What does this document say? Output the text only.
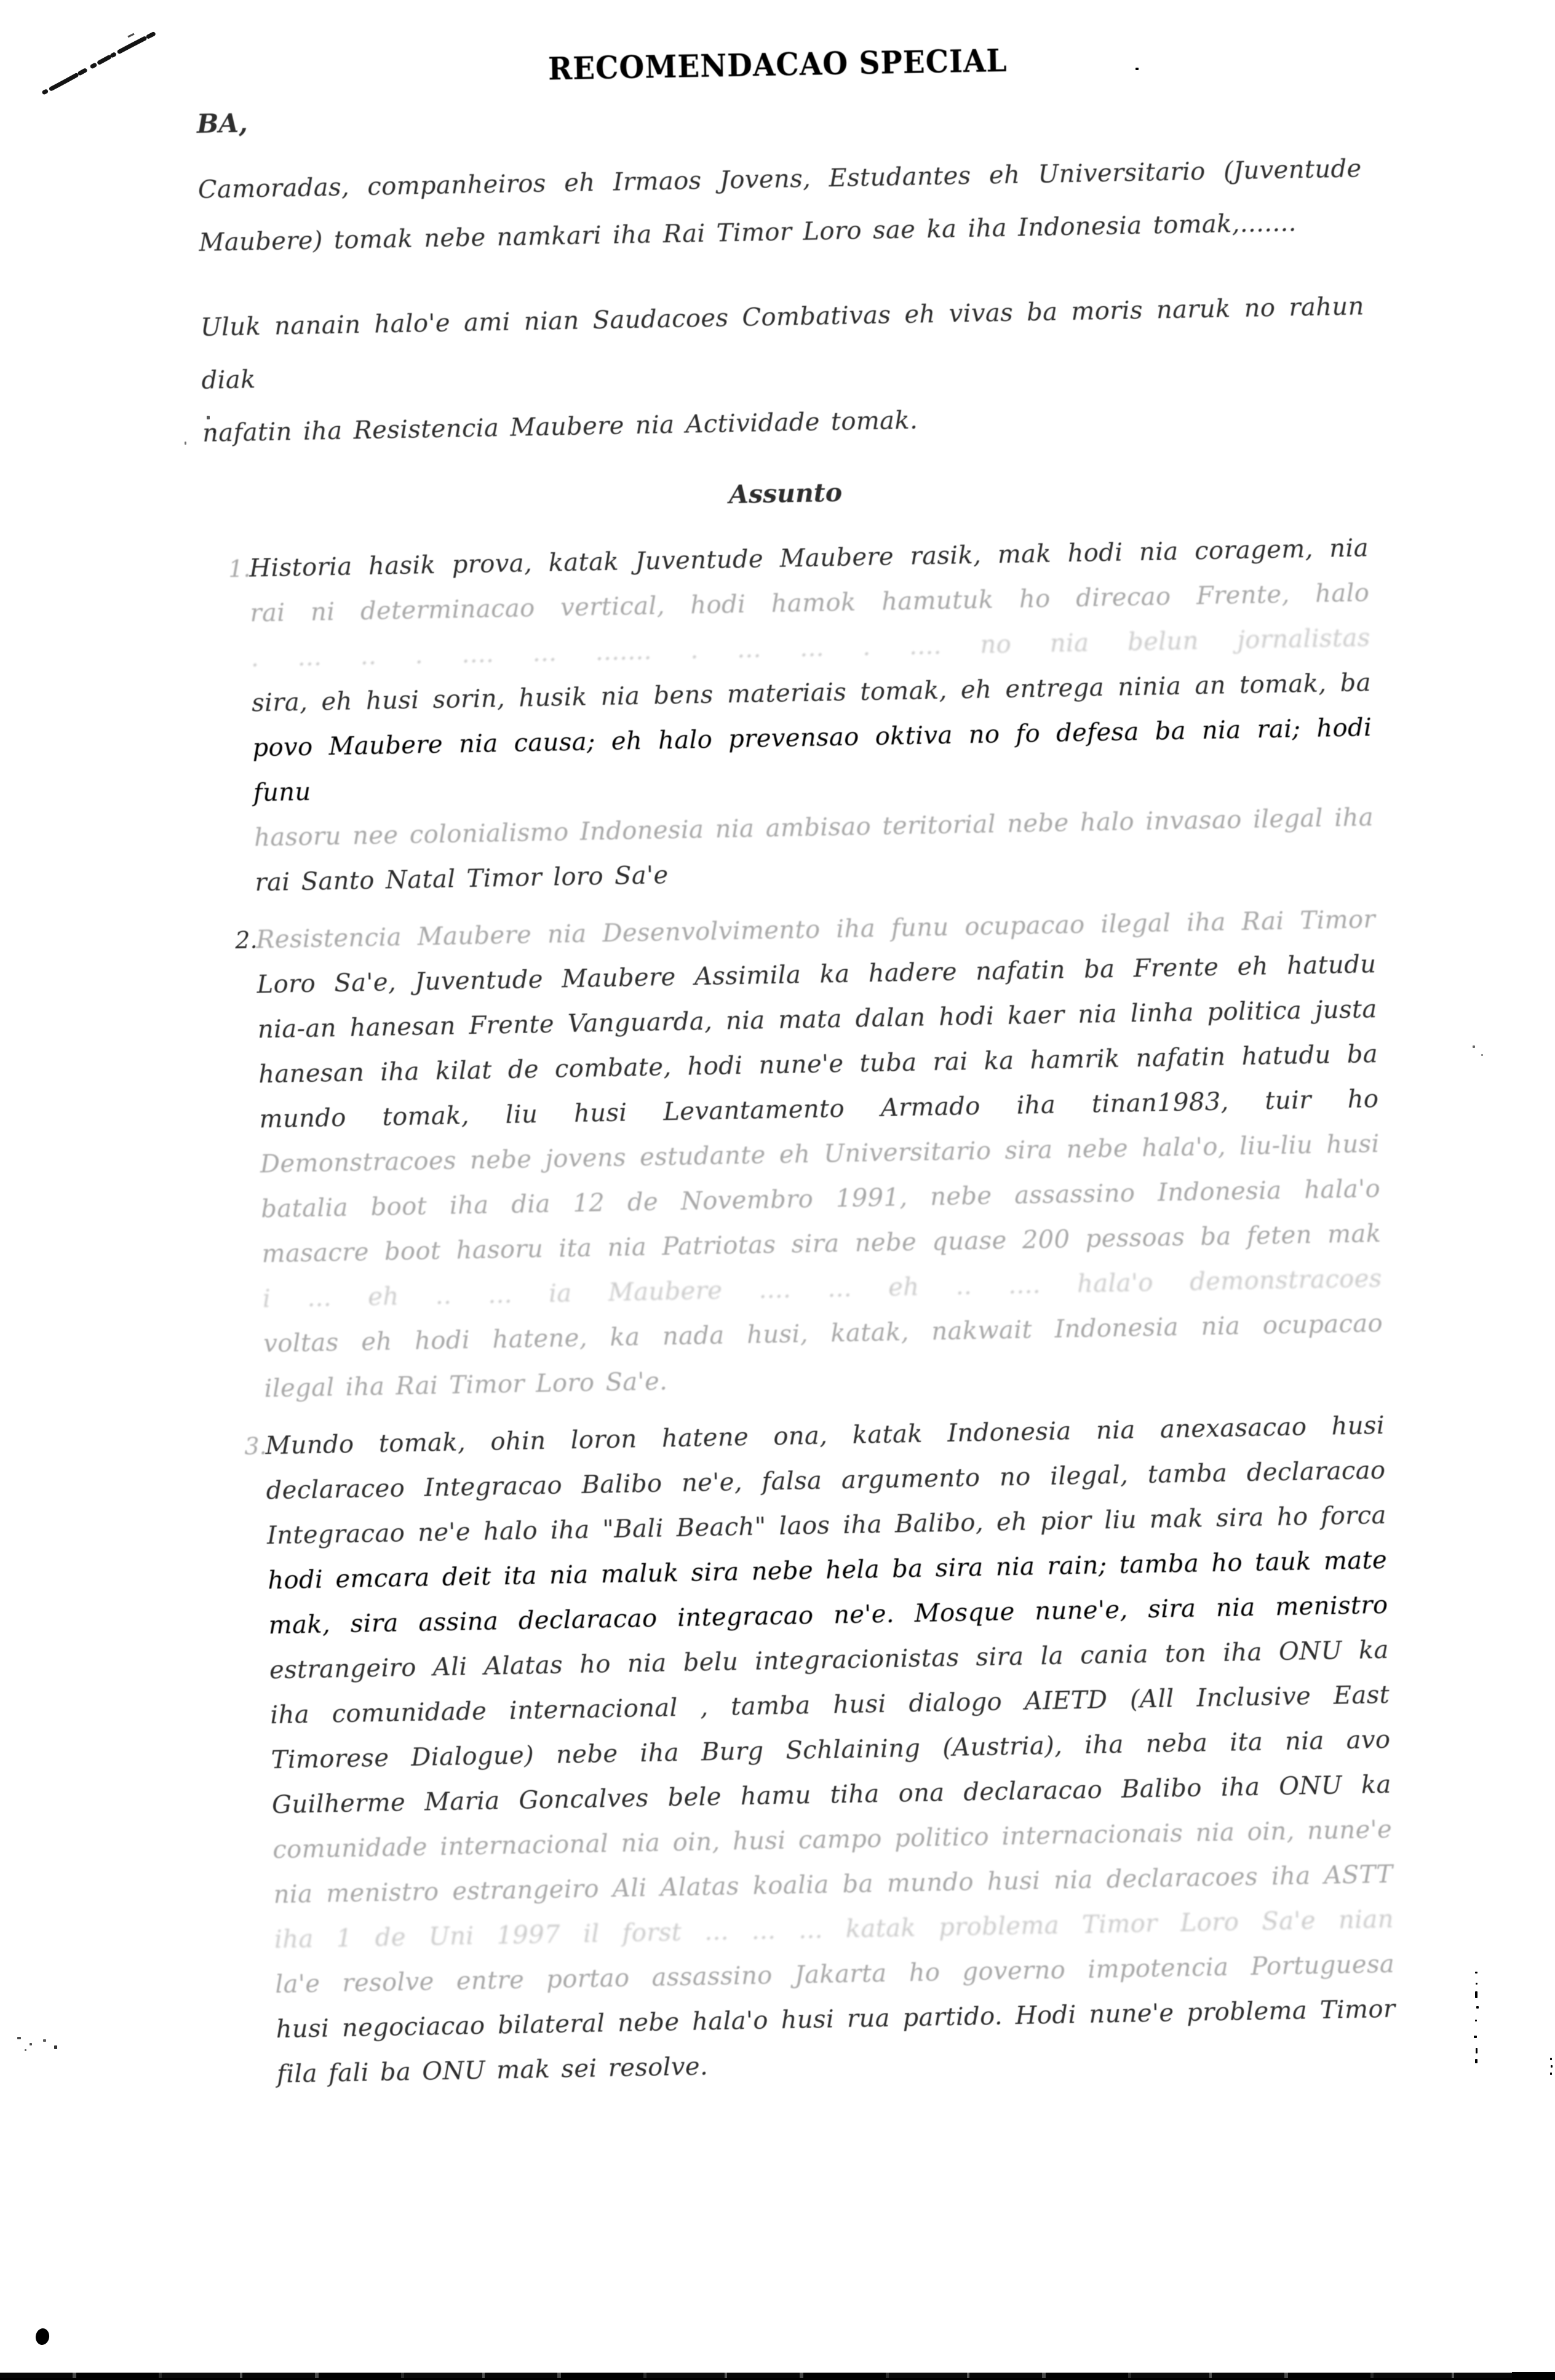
RECOMENDACAO SPECIAL
BA,
Camoradas, companheiros eh Irmaos Jovens, Estudantes eh Universitario (Juventude
Maubere) tomak nebe namkari iha Rai Timor Loro sae ka iha Indonesia tomak,.......
Uluk nanain halo'e ami nian Saudacoes Combativas eh vivas ba moris naruk no rahun diak
nafatin iha Resistencia Maubere nia Actividade tomak.
Assunto
1.
Historia hasik prova, katak Juventude Maubere rasik, mak hodi nia coragem, nia
rai ni determinacao vertical, hodi hamok hamutuk ho direcao Frente, halo
. ... .. . .... ... ....... . ... ... . .... no nia belun jornalistas
sira, eh husi sorin, husik nia bens materiais tomak, eh entrega ninia an tomak, ba
povo Maubere nia causa; eh halo prevensao oktiva no fo defesa ba nia rai; hodi funu
hasoru nee colonialismo Indonesia nia ambisao teritorial nebe halo invasao ilegal iha
rai Santo Natal Timor loro Sa'e
2.
Resistencia Maubere nia Desenvolvimento iha funu ocupacao ilegal iha Rai Timor
Loro Sa'e, Juventude Maubere Assimila ka hadere nafatin ba Frente eh hatudu
nia-an hanesan Frente Vanguarda, nia mata dalan hodi kaer nia linha politica justa
hanesan iha kilat de combate, hodi nune'e tuba rai ka hamrik nafatin hatudu ba
mundo tomak, liu husi Levantamento Armado iha tinan1983, tuir ho
Demonstracoes nebe jovens estudante eh Universitario sira nebe hala'o, liu-liu husi
batalia boot iha dia 12 de Novembro 1991, nebe assassino Indonesia hala'o
masacre boot hasoru ita nia Patriotas sira nebe quase 200 pessoas ba feten mak
i ... eh .. ... ia Maubere .... ... eh .. .... hala'o demonstracoes
voltas eh hodi hatene, ka nada husi, katak, nakwait Indonesia nia ocupacao
ilegal iha Rai Timor Loro Sa'e.
3.
Mundo tomak, ohin loron hatene ona, katak Indonesia nia anexasacao husi
declaraceo Integracao Balibo ne'e, falsa argumento no ilegal, tamba declaracao
Integracao ne'e halo iha "Bali Beach" laos iha Balibo, eh pior liu mak sira ho forca
hodi emcara deit ita nia maluk sira nebe hela ba sira nia rain; tamba ho tauk mate
mak, sira assina declaracao integracao ne'e. Mosque nune'e, sira nia menistro
estrangeiro Ali Alatas ho nia belu integracionistas sira la cania ton iha ONU ka
iha comunidade internacional , tamba husi dialogo AIETD (All Inclusive East
Timorese Dialogue) nebe iha Burg Schlaining (Austria), iha neba ita nia avo
Guilherme Maria Goncalves bele hamu tiha ona declaracao Balibo iha ONU ka
comunidade internacional nia oin, husi campo politico internacionais nia oin, nune'e
nia menistro estrangeiro Ali Alatas koalia ba mundo husi nia declaracoes iha ASTT
iha 1 de Uni 1997 il forst ... ... ... katak problema Timor Loro Sa'e nian
la'e resolve entre portao assassino Jakarta ho governo impotencia Portuguesa
husi negociacao bilateral nebe hala'o husi rua partido. Hodi nune'e problema Timor
fila fali ba ONU mak sei resolve.
